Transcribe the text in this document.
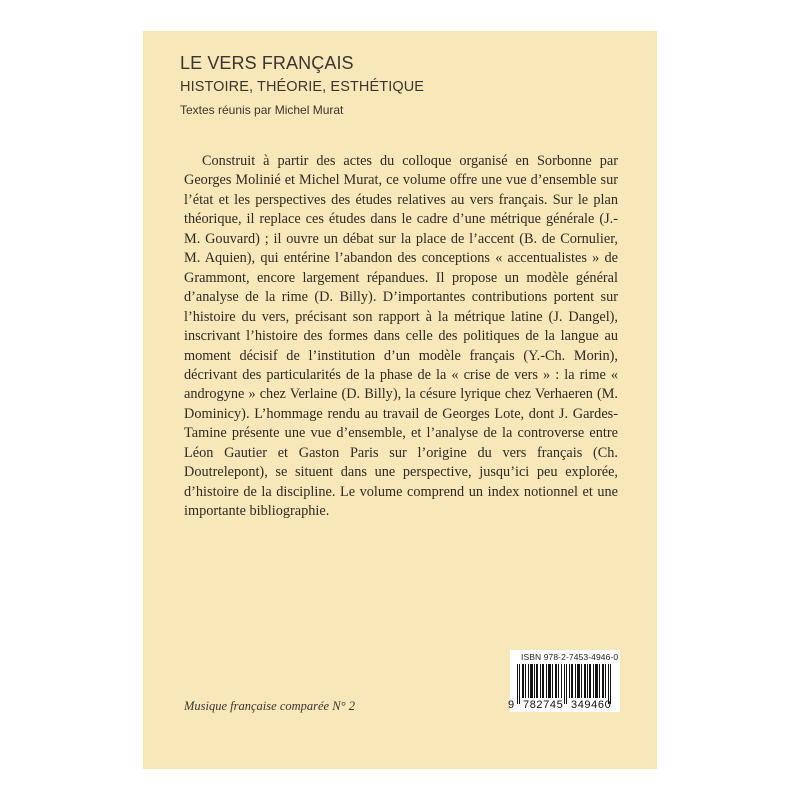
LE VERS FRANÇAIS
HISTOIRE, THÉORIE, ESTHÉTIQUE
Textes réunis par Michel Murat

Construit à partir des actes du colloque organisé en Sorbonne par Georges Molinié et Michel Murat, ce volume offre une vue d’ensemble sur l’état et les perspectives des études relatives au vers français. Sur le plan théorique, il replace ces études dans le cadre d’une métrique générale (J.-M. Gouvard) ; il ouvre un débat sur la place de l’accent (B. de Cornulier, M. Aquien), qui entérine l’abandon des conceptions « accentualistes » de Grammont, encore largement répandues. Il propose un modèle général d’analyse de la rime (D. Billy). D’importantes contributions portent sur l’histoire du vers, précisant son rapport à la métrique latine (J. Dangel), inscrivant l’histoire des formes dans celle des politiques de la langue au moment décisif de l’institution d’un modèle français (Y.-Ch. Morin), décrivant des particularités de la phase de la « crise de vers » : la rime « androgyne » chez Verlaine (D. Billy), la césure lyrique chez Verhaeren (M. Dominicy). L’hommage rendu au travail de Georges Lote, dont J. Gardes-Tamine présente une vue d’ensemble, et l’analyse de la controverse entre Léon Gautier et Gaston Paris sur l’origine du vers français (Ch. Doutrelepont), se situent dans une perspective, jusqu’ici peu explorée, d’histoire de la discipline. Le volume comprend un index notionnel et une importante bibliographie.

Musique française comparée N° 2
ISBN 978-2-7453-4946-0
9 782745 349460
